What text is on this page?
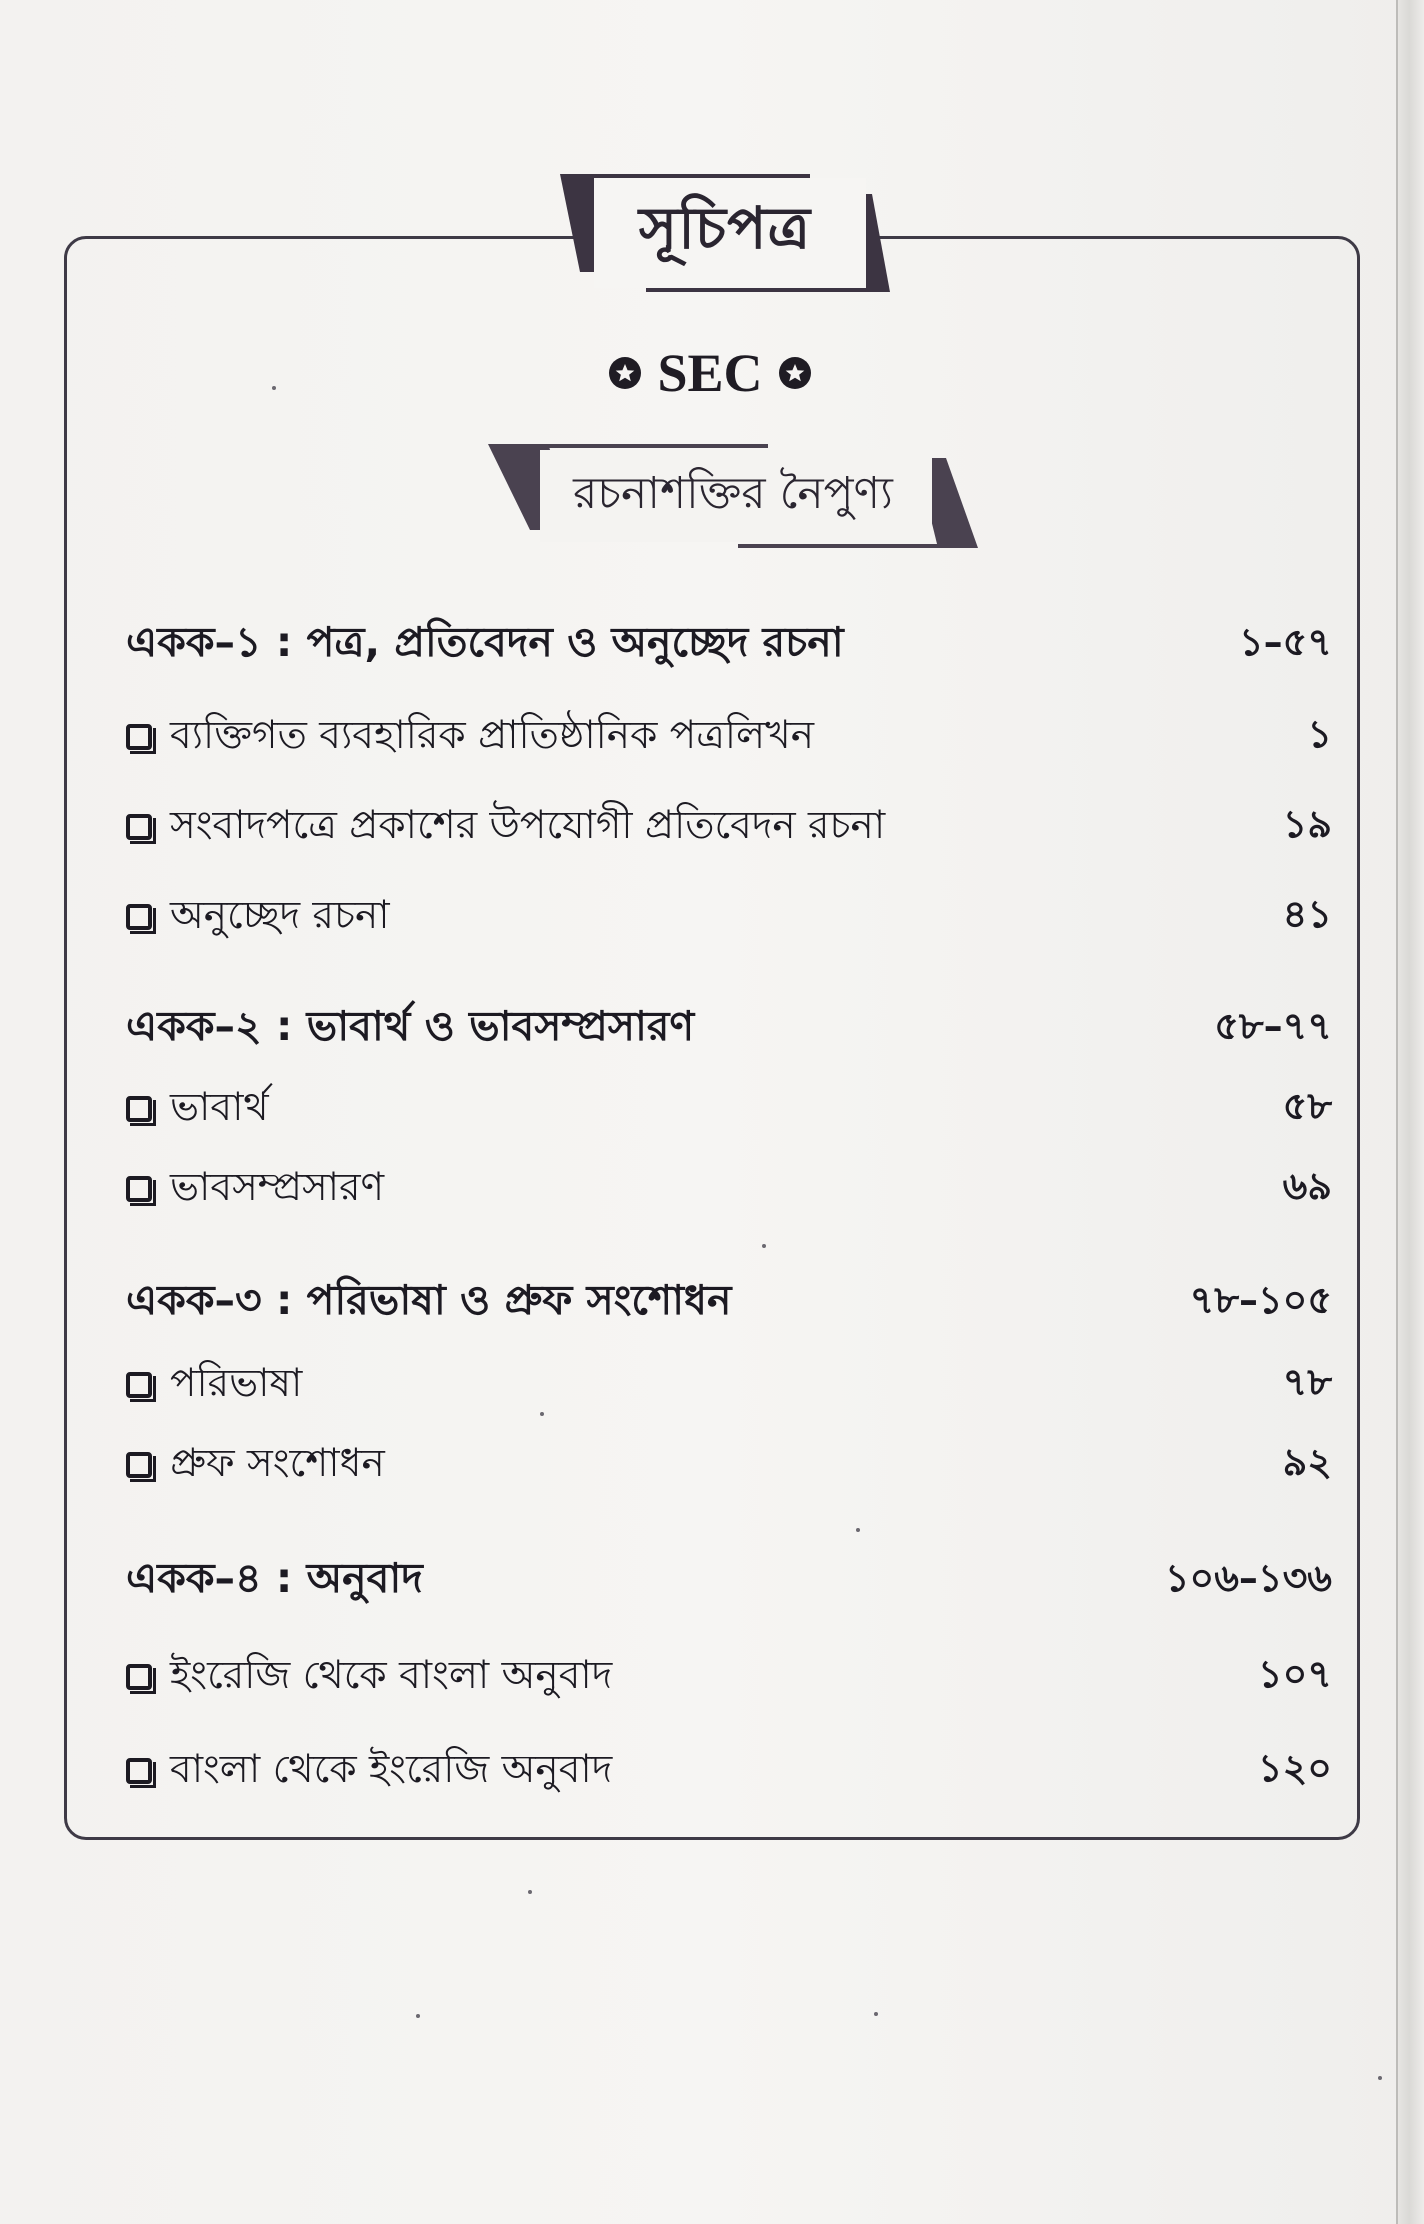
সূচিপত্র
SEC
রচনাশক্তির নৈপুণ্য
একক–১ : পত্র, প্রতিবেদন ও অনুচ্ছেদ রচনা	১–৫৭
ব্যক্তিগত ব্যবহারিক প্রাতিষ্ঠানিক পত্রলিখন	১
সংবাদপত্রে প্রকাশের উপযোগী প্রতিবেদন রচনা	১৯
অনুচ্ছেদ রচনা	৪১
একক–২ : ভাবার্থ ও ভাবসম্প্রসারণ	৫৮–৭৭
ভাবার্থ	৫৮
ভাবসম্প্রসারণ	৬৯
একক–৩ : পরিভাষা ও প্রুফ সংশোধন	৭৮–১০৫
পরিভাষা	৭৮
প্রুফ সংশোধন	৯২
একক–৪ : অনুবাদ	১০৬–১৩৬
ইংরেজি থেকে বাংলা অনুবাদ	১০৭
বাংলা থেকে ইংরেজি অনুবাদ	১২০
